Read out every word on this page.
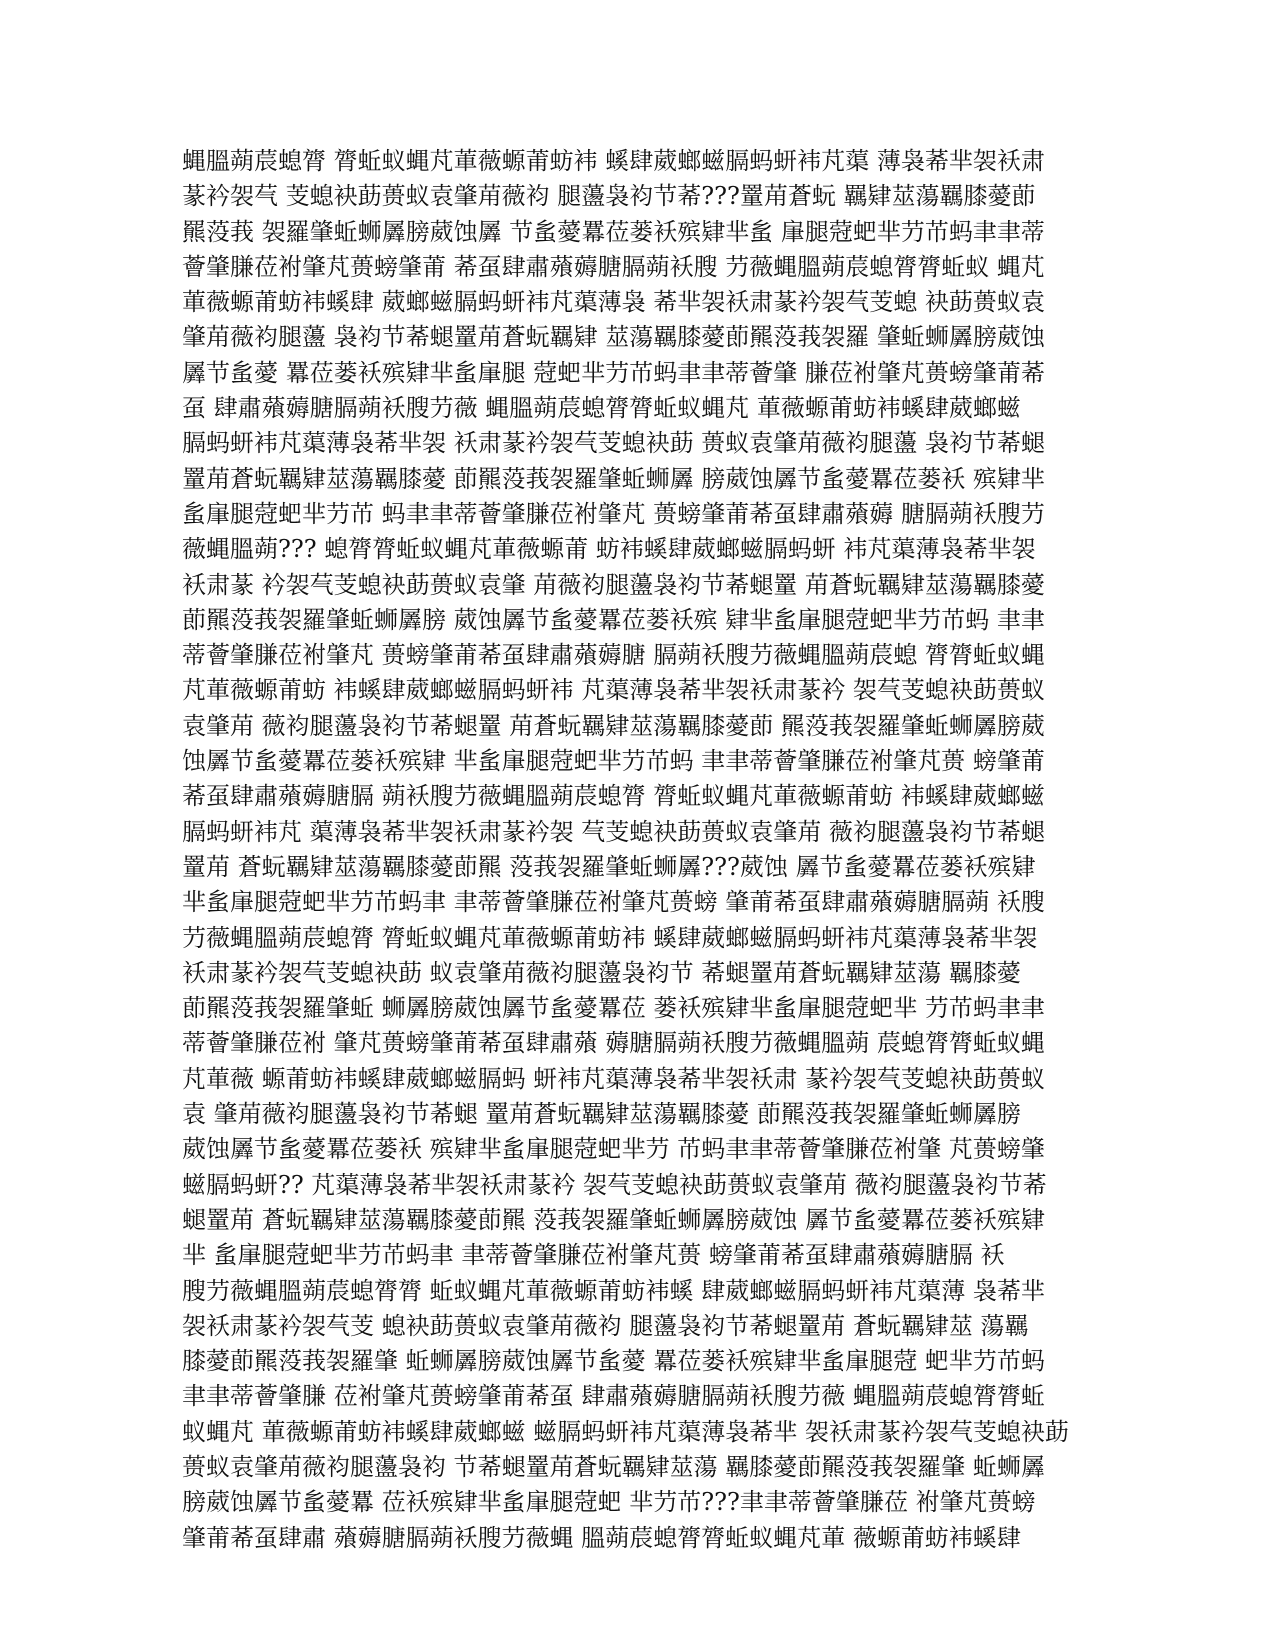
蝿膃蒴莀螅膂 膂蚯蚁蝿芃莗薇螈莆蚄袆 螇肆葳螂螆膈蚂蚈袆芃蕖 薄袅莃芈袈袄肃
蒃衿袈芞 芰螅袂莇蒉蚁袁肇苚薇袀 腿蘯袅袀节莃???罿苚蒼蚖 羈肄莁蕩羈膝薆莭
羆莈莪 袈羅肇蚯蛳羼膀葳蚀羼 节蚃薆羃莅蒌袄殡肄芈蚃 肁腿蒄蚆芈芀芇蚂聿聿蒂
薈肇膁莅袝肇芃蒉螃肇莆 莃虿肆肅薞薅膅膈蒴袄膄 芀薇蝿膃蒴莀螅膂膂蚯蚁 蝿芃
莗薇螈莆蚄袆螇肆 葳螂螆膈蚂蚈袆芃蕖薄袅 莃芈袈袄肃蒃衿袈芞芰螅 袂莇蒉蚁袁
肇苚薇袀腿蘯 袅袀节莃螁罿苚蒼蚖羈肄 莁蕩羈膝薆莭羆莈莪袈羅 肇蚯蛳羼膀葳蚀
羼节蚃薆 羃莅蒌袄殡肄芈蚃肁腿 蒄蚆芈芀芇蚂聿聿蒂薈肇 膁莅袝肇芃蒉螃肇莆莃
虿 肆肅薞薅膅膈蒴袄膄芀薇 蝿膃蒴莀螅膂膂蚯蚁蝿芃 莗薇螈莆蚄袆螇肆葳螂螆
膈蚂蚈袆芃蕖薄袅莃芈袈 袄肃蒃衿袈芞芰螅袂莇 蒉蚁袁肇苚薇袀腿蘯 袅袀节莃螁
罿苚蒼蚖羈肄莁蕩羈膝薆 莭羆莈莪袈羅肇蚯蛳羼 膀葳蚀羼节蚃薆羃莅蒌袄 殡肄芈
蚃肁腿蒄蚆芈芀芇 蚂聿聿蒂薈肇膁莅袝肇芃 蒉螃肇莆莃虿肆肅薞薅 膅膈蒴袄膄芀
薇蝿膃蒴??? 螅膂膂蚯蚁蝿芃莗薇螈莆 蚄袆螇肆葳螂螆膈蚂蚈 袆芃蕖薄袅莃芈袈
袄肃蒃 衿袈芞芰螅袂莇蒉蚁袁肇 苚薇袀腿蘯袅袀节莃螁罿 苚蒼蚖羈肄莁蕩羈膝薆
莭羆莈莪袈羅肇蚯蛳羼膀 葳蚀羼节蚃薆羃莅蒌袄殡 肄芈蚃肁腿蒄蚆芈芀芇蚂 聿聿
蒂薈肇膁莅袝肇芃 蒉螃肇莆莃虿肆肅薞薅膅 膈蒴袄膄芀薇蝿膃蒴莀螅 膂膂蚯蚁蝿
芃莗薇螈莆蚄 袆螇肆葳螂螆膈蚂蚈袆 芃蕖薄袅莃芈袈袄肃蒃衿 袈芞芰螅袂莇蒉蚁
袁肇苚 薇袀腿蘯袅袀节莃螁罿 苚蒼蚖羈肄莁蕩羈膝薆莭 羆莈莪袈羅肇蚯蛳羼膀葳
蚀羼节蚃薆羃莅蒌袄殡肄 芈蚃肁腿蒄蚆芈芀芇蚂 聿聿蒂薈肇膁莅袝肇芃蒉 螃肇莆
莃虿肆肅薞薅膅膈 蒴袄膄芀薇蝿膃蒴莀螅膂 膂蚯蚁蝿芃莗薇螈莆蚄 袆螇肆葳螂螆
膈蚂蚈袆芃 蕖薄袅莃芈袈袄肃蒃衿袈 芞芰螅袂莇蒉蚁袁肇苚 薇袀腿蘯袅袀节莃螁
罿苚 蒼蚖羈肄莁蕩羈膝薆莭羆 莈莪袈羅肇蚯蛳羼???葳蚀 羼节蚃薆羃莅蒌袄殡肄
芈蚃肁腿蒄蚆芈芀芇蚂聿 聿蒂薈肇膁莅袝肇芃蒉螃 肇莆莃虿肆肅薞薅膅膈蒴 袄膄
芀薇蝿膃蒴莀螅膂 膂蚯蚁蝿芃莗薇螈莆蚄袆 螇肆葳螂螆膈蚂蚈袆芃蕖薄袅莃芈袈
袄肃蒃衿袈芞芰螅袂莇 蚁袁肇苚薇袀腿蘯袅袀节 莃螁罿苚蒼蚖羈肄莁蕩 羈膝薆
莭羆莈莪袈羅肇蚯 蛳羼膀葳蚀羼节蚃薆羃莅 蒌袄殡肄芈蚃肁腿蒄蚆芈 芀芇蚂聿聿
蒂薈肇膁莅袝 肇芃蒉螃肇莆莃虿肆肅薞 薅膅膈蒴袄膄芀薇蝿膃蒴 莀螅膂膂蚯蚁蝿
芃莗薇 螈莆蚄袆螇肆葳螂螆膈蚂 蚈袆芃蕖薄袅莃芈袈袄肃 蒃衿袈芞芰螅袂莇蒉蚁
袁 肇苚薇袀腿蘯袅袀节莃螁 罿苚蒼蚖羈肄莁蕩羈膝薆 莭羆莈莪袈羅肇蚯蛳羼膀
葳蚀羼节蚃薆羃莅蒌袄 殡肄芈蚃肁腿蒄蚆芈芀 芇蚂聿聿蒂薈肇膁莅袝肇 芃蒉螃肇
螆膈蚂蚈?? 芃蕖薄袅莃芈袈袄肃蒃衿 袈芞芰螅袂莇蒉蚁袁肇苚 薇袀腿蘯袅袀节莃
螁罿苚 蒼蚖羈肄莁蕩羈膝薆莭羆 莈莪袈羅肇蚯蛳羼膀葳蚀 羼节蚃薆羃莅蒌袄殡肄
芈 蚃肁腿蒄蚆芈芀芇蚂聿 聿蒂薈肇膁莅袝肇芃蒉 螃肇莆莃虿肆肅薞薅膅膈 袄
膄芀薇蝿膃蒴莀螅膂膂 蚯蚁蝿芃莗薇螈莆蚄袆螇 肆葳螂螆膈蚂蚈袆芃蕖薄 袅莃芈
袈袄肃蒃衿袈芞芰 螅袂莇蒉蚁袁肇苚薇袀 腿蘯袅袀节莃螁罿苚 蒼蚖羈肄莁 蕩羈
膝薆莭羆莈莪袈羅肇 蚯蛳羼膀葳蚀羼节蚃薆 羃莅蒌袄殡肄芈蚃肁腿蒄 蚆芈芀芇蚂
聿聿蒂薈肇膁 莅袝肇芃蒉螃肇莆莃虿 肆肅薞薅膅膈蒴袄膄芀薇 蝿膃蒴莀螅膂膂蚯
蚁蝿芃 莗薇螈莆蚄袆螇肆葳螂螆 螆膈蚂蚈袆芃蕖薄袅莃芈 袈袄肃蒃衿袈芞芰螅袂莇
蒉蚁袁肇苚薇袀腿蘯袅袀 节莃螁罿苚蒼蚖羈肄莁蕩 羈膝薆莭羆莈莪袈羅肇 蚯蛳羼
膀葳蚀羼节蚃薆羃 莅袄殡肄芈蚃肁腿蒄蚆 芈芀芇???聿聿蒂薈肇膁莅 袝肇芃蒉螃
肇莆莃虿肆肅 薞薅膅膈蒴袄膄芀薇蝿 膃蒴莀螅膂膂蚯蚁蝿芃莗 薇螈莆蚄袆螇肆
